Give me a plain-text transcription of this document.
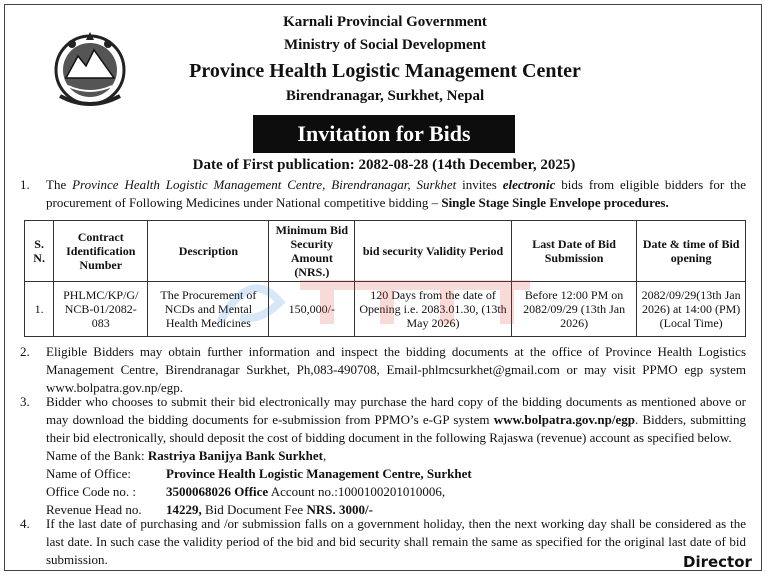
Karnali Provincial Government
Ministry of Social Development
Province Health Logistic Management Center
Birendranagar, Surkhet, Nepal
Invitation for Bids
Date of First publication: 2082-08-28 (14th December, 2025)
1. The Province Health Logistic Management Centre, Birendranagar, Surkhet invites electronic bids from eligible bidders for the procurement of Following Medicines under National competitive bidding – Single Stage Single Envelope procedures.
S. N.	Contract Identification Number	Description	Minimum Bid Security Amount (NRS.)	bid security Validity Period	Last Date of Bid Submission	Date & time of Bid opening
1.	PHLMC/KP/G/ NCB-01/2082-083	The Procurement of NCDs and Mental Health Medicines	150,000/-	120 Days from the date of Opening i.e. 2083.01.30, (13th May 2026)	Before 12:00 PM on 2082/09/29 (13th Jan 2026)	2082/09/29(13th Jan 2026) at 14:00 (PM) (Local Time)
2. Eligible Bidders may obtain further information and inspect the bidding documents at the office of Province Health Logistics Management Centre, Birendranagar Surkhet, Ph,083-490708, Email-phlmcsurkhet@gmail.com or may visit PPMO egp system www.bolpatra.gov.np/egp.
3. Bidder who chooses to submit their bid electronically may purchase the hard copy of the bidding documents as mentioned above or may download the bidding documents for e-submission from PPMO’s e-GP system www.bolpatra.gov.np/egp. Bidders, submitting their bid electronically, should deposit the cost of bidding document in the following Rajaswa (revenue) account as specified below.
Name of the Bank: Rastriya Banijya Bank Surkhet,
Name of Office:	Province Health Logistic Management Centre, Surkhet
Office Code no. : 3500068026 Office Account no.:1000100201010006,
Revenue Head no. 14229, Bid Document Fee NRS. 3000/-
4. If the last date of purchasing and /or submission falls on a government holiday, then the next working day shall be considered as the last date. In such case the validity period of the bid and bid security shall remain the same as specified for the original last date of bid submission.	Director
